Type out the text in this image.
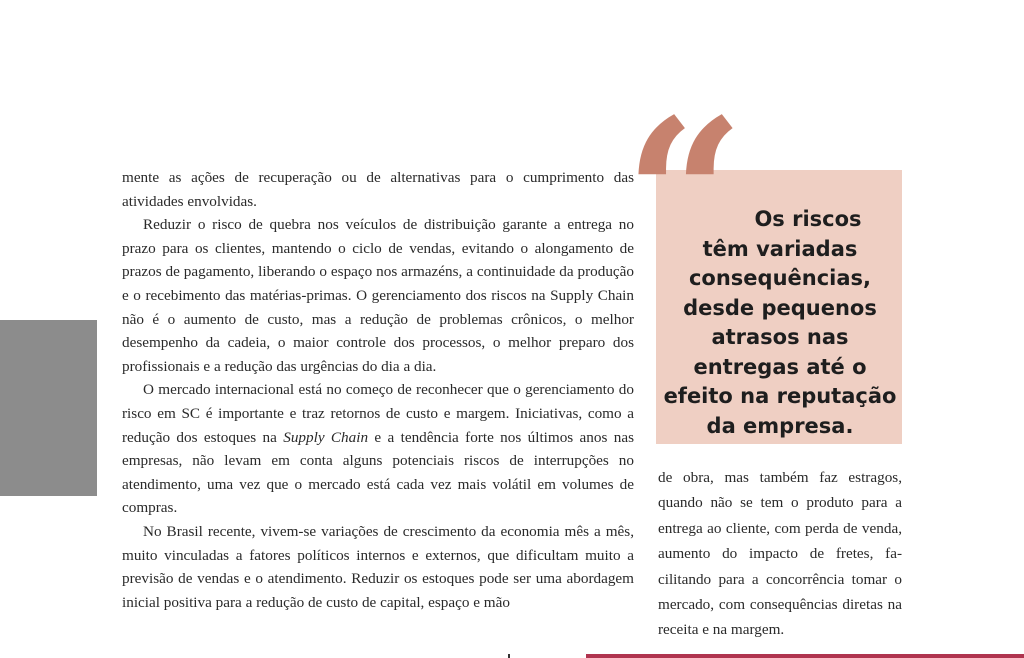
mente as ações de recuperação ou de alternativas para o cumprimento das atividades envolvidas.

Reduzir o risco de quebra nos veículos de distribuição garante a entrega no prazo para os clientes, mantendo o ciclo de vendas, evitando o alongamento de prazos de pagamento, liberando o espaço nos armazéns, a continuidade da produção e o recebimento das matérias-primas. O gerenciamento dos riscos na Supply Chain não é o aumento de custo, mas a redução de problemas crônicos, o melhor desempenho da cadeia, o maior controle dos processos, o melhor preparo dos profissionais e a redução das urgências do dia a dia.

O mercado internacional está no começo de reconhecer que o gerenciamento do risco em SC é importante e traz retornos de custo e margem. Iniciativas, como a redução dos estoques na Supply Chain e a tendência forte nos últimos anos nas empresas, não levam em conta alguns potenciais riscos de interrupções no atendimento, uma vez que o mercado está cada vez mais volátil em volumes de compras.

No Brasil recente, vivem-se variações de crescimento da economia mês a mês, muito vinculadas a fatores políticos internos e externos, que dificultam muito a previsão de vendas e o atendimento. Reduzir os estoques pode ser uma abordagem inicial positiva para a redução de custo de capital, espaço e mão

“	Os riscos
têm variadas
consequências,
desde pequenos
atrasos nas
entregas até o
efeito na reputação
da empresa.

de obra, mas também faz estragos, quando não se tem o produto para a entrega ao cliente, com perda de venda, aumento do impacto de fretes, facilitando para a concorrência tomar o mercado, com consequências diretas na receita e na margem.
